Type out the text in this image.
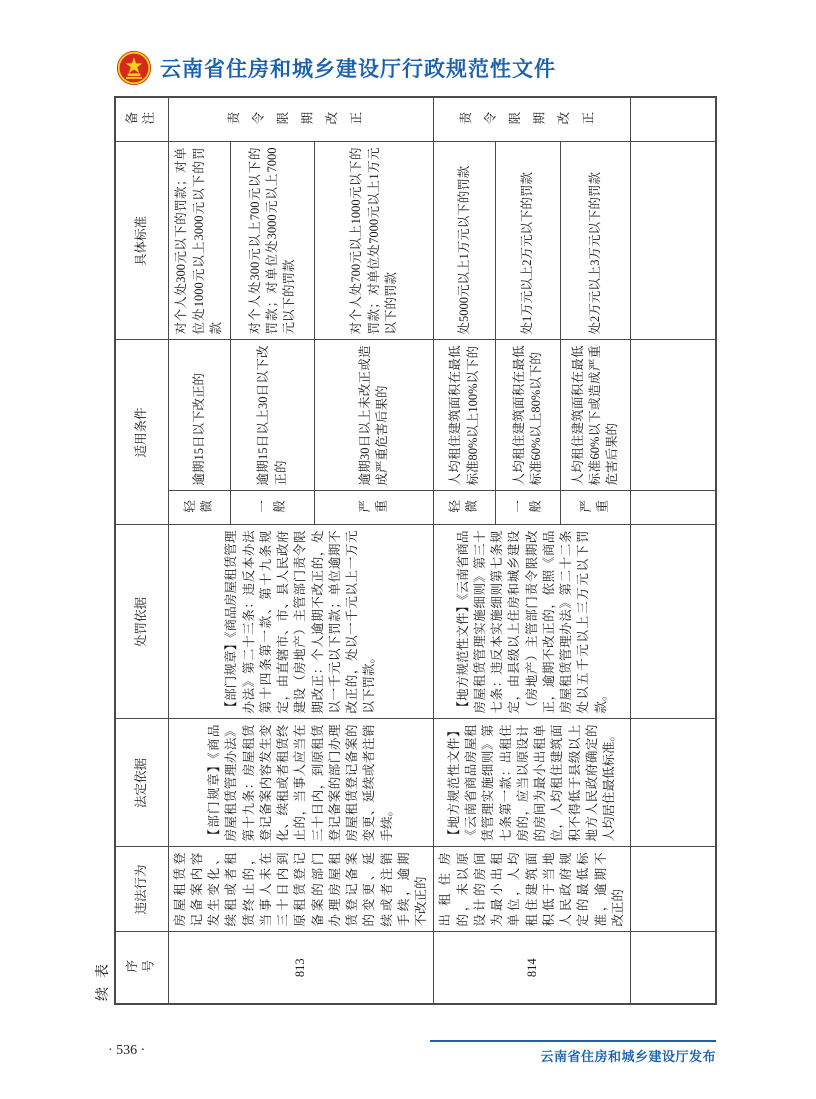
云南省住房和城乡建设厅行政规范性文件
续表 序号	违法行为	法定依据	处罚依据	适用条件		具体标准	备注
813	房屋租赁登记备案内容发生变化、续租或者租赁终止的，当事人未在三十日内到原租赁登记备案的部门办理房屋租赁登记备案的变更、延续或者注销手续，逾期不改正的	【部门规章】《商品房屋租赁管理办法》第十九条：房屋租赁登记备案内容发生变化、续租或者租赁终止的，当事人应当在三十日内，到原租赁登记备案的部门办理房屋租赁登记备案的变更、延续或者注销手续。	【部门规章】《商品房屋租赁管理办法》第二十三条：违反本办法第十四条第一款、第十九条规定，由直辖市、市、县人民政府建设（房地产）主管部门责令限期改正：个人逾期不改正的，处以一千元以下罚款；单位逾期不改正的，处以一千元以上一万元以下罚款。	轻微	逾期15日以下改正的	对个人处300元以下的罚款；对单位处1000元以上3000元以下的罚款	责令限期改正
				一般	逾期15日以上30日以下改正的	对个人处300元以上700元以下的罚款；对单位处3000元以上7000元以下的罚款	
				严重	逾期30日以上未改正或造成严重危害后果的	对个人处700元以上1000元以下的罚款；对单位处7000元以上1万元以下的罚款	
814	出租住房的，未以原设计的房间为最小出租单位，人均租住建筑面积低于当地人民政府规定的最低标准，逾期不改正的	【地方规范性文件】《云南省商品房屋租赁管理实施细则》第七条第一款：出租住房的，应当以原设计的房间为最小出租单位，人均租住建筑面积不得低于县级以上地方人民政府确定的人均居住最低标准。	【地方规范性文件】《云南省商品房屋租赁管理实施细则》第三十七条：违反本实施细则第七条规定，由县级以上住房和城乡建设（房地产）主管部门责令限期改正，逾期不改正的，依照《商品房屋租赁管理办法》第二十二条处以五千元以上三万元以下罚款。	轻微	人均租住建筑面积在最低标准80%以上100%以下的	处5000元以上1万元以下的罚款	责令限期改正
				一般	人均租住建筑面积在最低标准60%以上80%以下的	处1万元以上2万元以下的罚款	
				严重	人均租住建筑面积在最低标准60%以下或造成严重危害后果的	处2万元以上3万元以下的罚款	

· 536 ·	云南省住房和城乡建设厅发布
